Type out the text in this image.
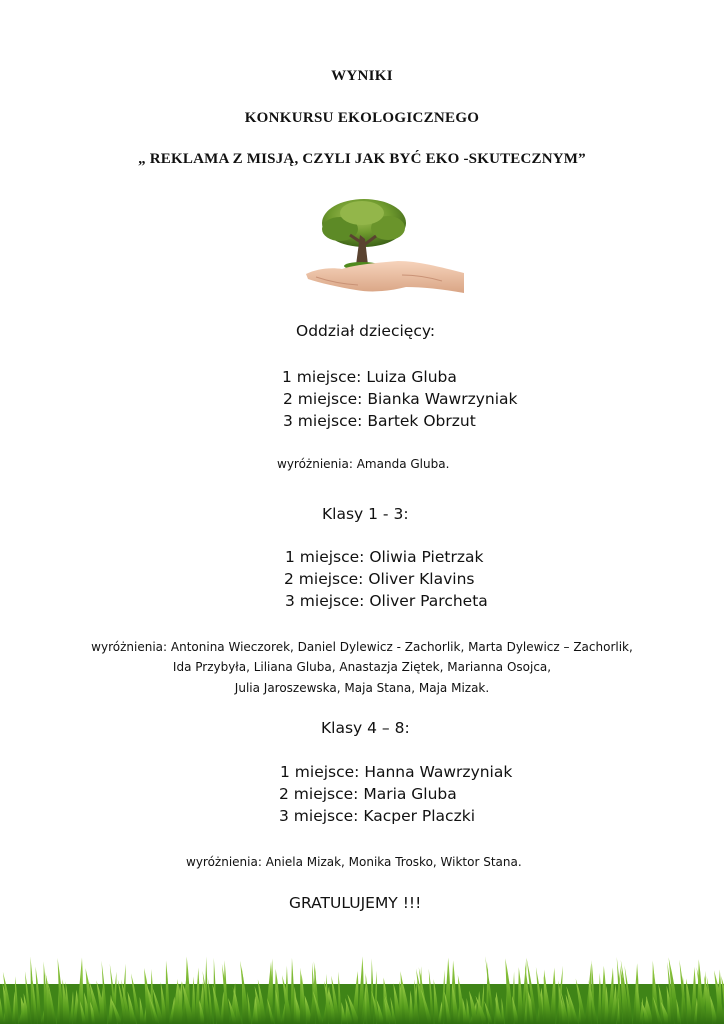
WYNIKI
KONKURSU EKOLOGICZNEGO
„ REKLAMA Z MISJĄ, CZYLI JAK BYĆ EKO -SKUTECZNYM”
Oddział dziecięcy:
1 miejsce: Luiza Gluba
2 miejsce: Bianka Wawrzyniak
3 miejsce: Bartek Obrzut
wyróżnienia: Amanda Gluba.
Klasy 1 - 3:
1 miejsce: Oliwia Pietrzak
2 miejsce: Oliver Klavins
3 miejsce: Oliver Parcheta
wyróżnienia: Antonina Wieczorek, Daniel Dylewicz - Zachorlik, Marta Dylewicz – Zachorlik,
Ida Przybyła, Liliana Gluba, Anastazja Ziętek, Marianna Osojca,
Julia Jaroszewska, Maja Stana, Maja Mizak.
Klasy 4 – 8:
1 miejsce: Hanna Wawrzyniak
2 miejsce: Maria Gluba
3 miejsce: Kacper Placzki
wyróżnienia: Aniela Mizak, Monika Trosko, Wiktor Stana.
GRATULUJEMY !!!
